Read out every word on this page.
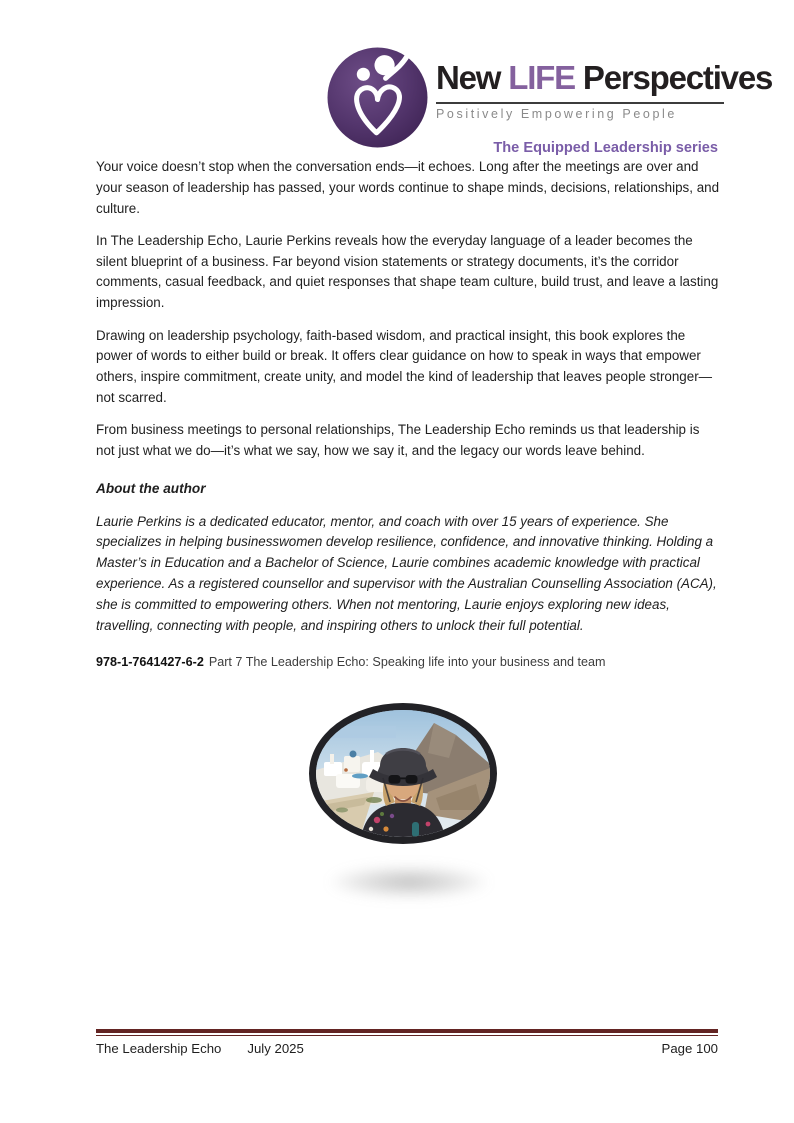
New LIFE Perspectives
Positively Empowering People
The Equipped Leadership series

Your voice doesn’t stop when the conversation ends—it echoes. Long after the meetings are over and your season of leadership has passed, your words continue to shape minds, decisions, relationships, and culture.

In The Leadership Echo, Laurie Perkins reveals how the everyday language of a leader becomes the silent blueprint of a business. Far beyond vision statements or strategy documents, it’s the corridor comments, casual feedback, and quiet responses that shape team culture, build trust, and leave a lasting impression.

Drawing on leadership psychology, faith-based wisdom, and practical insight, this book explores the power of words to either build or break. It offers clear guidance on how to speak in ways that empower others, inspire commitment, create unity, and model the kind of leadership that leaves people stronger—not scarred.

From business meetings to personal relationships, The Leadership Echo reminds us that leadership is not just what we do—it’s what we say, how we say it, and the legacy our words leave behind.

About the author

Laurie Perkins is a dedicated educator, mentor, and coach with over 15 years of experience. She specializes in helping businesswomen develop resilience, confidence, and innovative thinking. Holding a Master’s in Education and a Bachelor of Science, Laurie combines academic knowledge with practical experience. As a registered counsellor and supervisor with the Australian Counselling Association (ACA), she is committed to empowering others. When not mentoring, Laurie enjoys exploring new ideas, travelling, connecting with people, and inspiring others to unlock their full potential.

978-1-7641427-6-2 Part 7 The Leadership Echo: Speaking life into your business and team
The Leadership Echo July 2025	Page 100
